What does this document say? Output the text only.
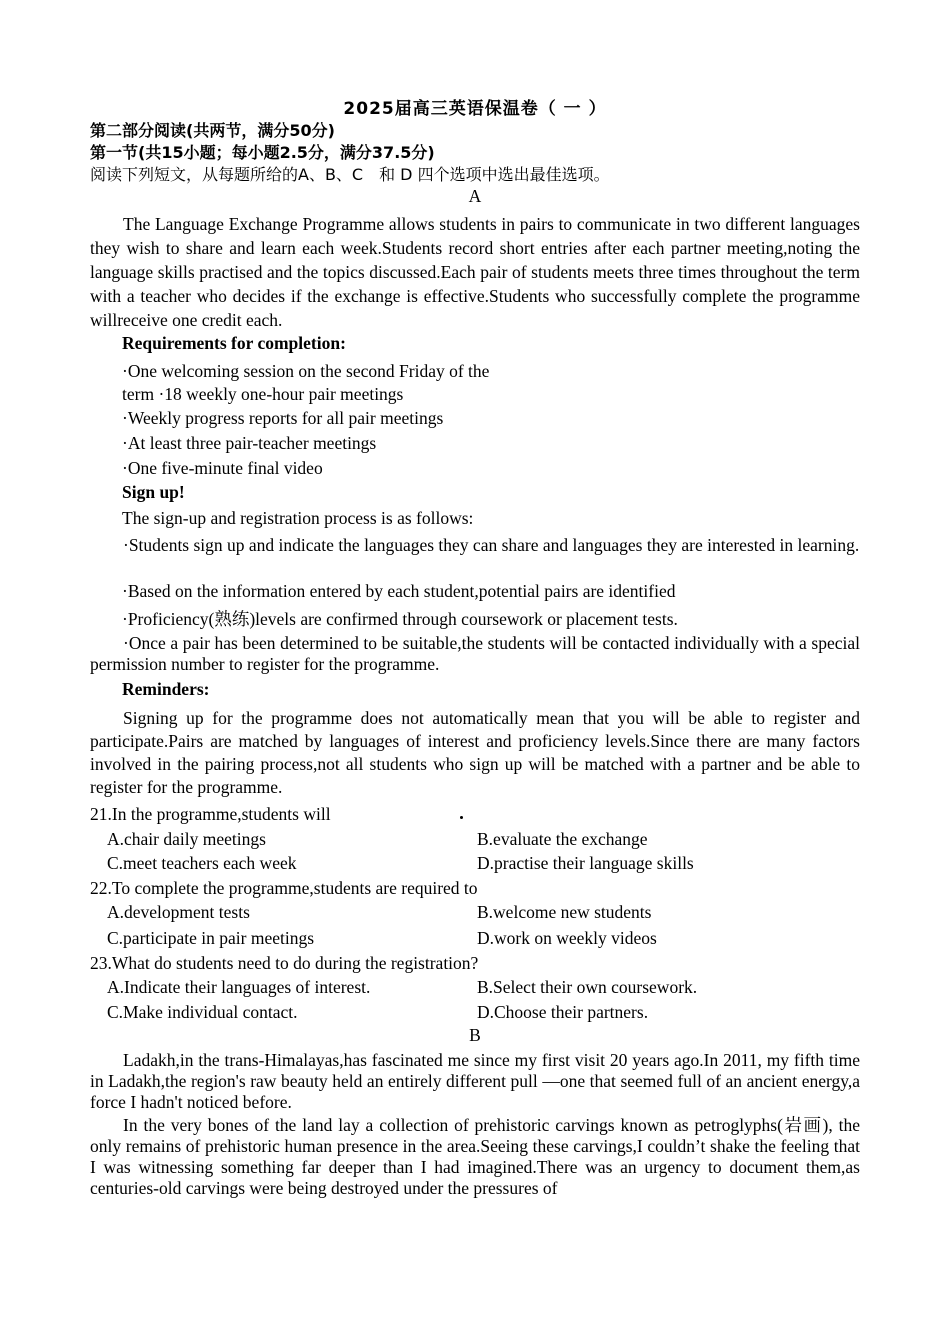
2025届高三英语保温卷（ 一 ）
第二部分阅读(共两节，满分50分)
第一节(共15小题；每小题2.5分，满分37.5分)
阅读下列短文，从每题所给的A、B、C　和 D 四个选项中选出最佳选项。
A
The Language Exchange Programme allows students in pairs to communicate in two different languages they wish to share and learn each week.Students record short entries after each partner meeting,noting the language skills practised and the topics discussed.Each pair of students meets three times throughout the term with a teacher who decides if the exchange is effective.Students who successfully complete the programme willreceive one credit each.
Requirements for completion:
·One welcoming session on the second Friday of the
term ·18 weekly one-hour pair meetings
·Weekly progress reports for all pair meetings
·At least three pair-teacher meetings
·One five-minute final video
Sign up!
The sign-up and registration process is as follows:
·Students sign up and indicate the languages they can share and languages they are interested in learning.
·Based on the information entered by each student,potential pairs are identified
·Proficiency(熟练)levels are confirmed through coursework or placement tests.
·Once a pair has been determined to be suitable,the students will be contacted individually with a special permission number to register for the programme.
Reminders:
Signing up for the programme does not automatically mean that you will be able to register and participate.Pairs are matched by languages of interest and proficiency levels.Since there are many factors involved in the pairing process,not all students who sign up will be matched with a partner and be able to register for the programme.
21.In the programme,students will
A.chair daily meetings	B.evaluate the exchange
C.meet teachers each week	D.practise their language skills
22.To complete the programme,students are required to
A.development tests	B.welcome new students
C.participate in pair meetings	D.work on weekly videos
23.What do students need to do during the registration?
A.Indicate their languages of interest.	B.Select their own coursework.
C.Make individual contact.	D.Choose their partners.
B
Ladakh,in the trans-Himalayas,has fascinated me since my first visit 20 years ago.In 2011, my fifth time in Ladakh,the region's raw beauty held an entirely different pull —one that seemed full of an ancient energy,a force I hadn't noticed before.
In the very bones of the land lay a collection of prehistoric carvings known as petroglyphs(岩画), the only remains of prehistoric human presence in the area.Seeing these carvings,I couldn’t shake the feeling that I was witnessing something far deeper than I had imagined.There was an urgency to document them,as centuries-old carvings were being destroyed under the pressures of
